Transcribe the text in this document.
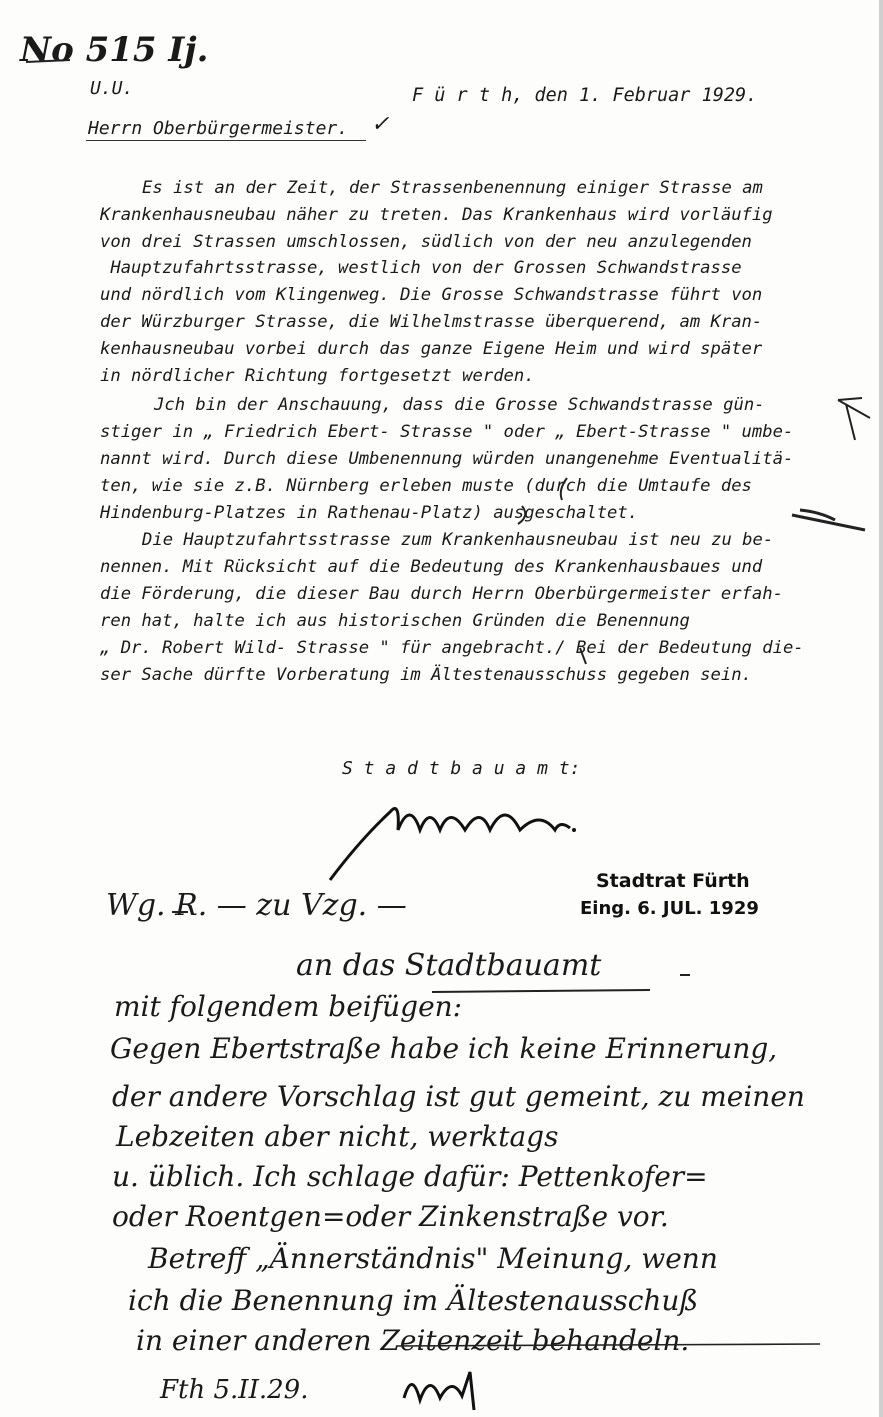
No 515 Ij.
U.U.	F ü r t h, den 1. Februar 1929.
Herrn Oberbürgermeister. ✓
Es ist an der Zeit, der Strassenbenennung einiger Strasse am
Krankenhausneubau näher zu treten. Das Krankenhaus wird vorläufig
von drei Strassen umschlossen, südlich von der neu anzulegenden
Hauptzufahrtsstrasse, westlich von der Grossen Schwandstrasse
und nördlich vom Klingenweg. Die Grosse Schwandstrasse führt von
der Würzburger Strasse, die Wilhelmstrasse überquerend, am Kran-
kenhausneubau vorbei durch das ganze Eigene Heim und wird später
in nördlicher Richtung fortgesetzt werden.
Jch bin der Anschauung, dass die Grosse Schwandstrasse gün-
stiger in „ Friedrich Ebert- Strasse " oder „ Ebert-Strasse " umbe-
nannt wird. Durch diese Umbenennung würden unangenehme Eventualitä-
ten, wie sie z.B. Nürnberg erleben muste (durch die Umtaufe des
Hindenburg-Platzes in Rathenau-Platz) ausgeschaltet.
Die Hauptzufahrtsstrasse zum Krankenhausneubau ist neu zu be-
nennen. Mit Rücksicht auf die Bedeutung des Krankenhausbaues und
die Förderung, die dieser Bau durch Herrn Oberbürgermeister erfah-
ren hat, halte ich aus historischen Gründen die Benennung
„ Dr. Robert Wild- Strasse " für angebracht./ Bei der Bedeutung die-
ser Sache dürfte Vorberatung im Ältestenausschuss gegeben sein.
S t a d t b a u a m t:
Stadtrat Fürth
Eing. 6. JUL. 1929
Wg. R. — zu Vzg. —
an das Stadtbauamt
mit folgendem beifügen:
Gegen Ebertstraße habe ich keine Erinnerung,
der andere Vorschlag ist gut gemeint, zu meinen
Lebzeiten aber nicht, werktags
u. üblich. Ich schlage dafür: Pettenkofer=
oder Roentgen=oder Zinkenstraße vor.
Betreff „Ännerständnis" Meinung, wenn
ich die Benennung im Ältestenausschuß
in einer anderen Zeitenzeit behandeln.
Fth 5.II.29.
